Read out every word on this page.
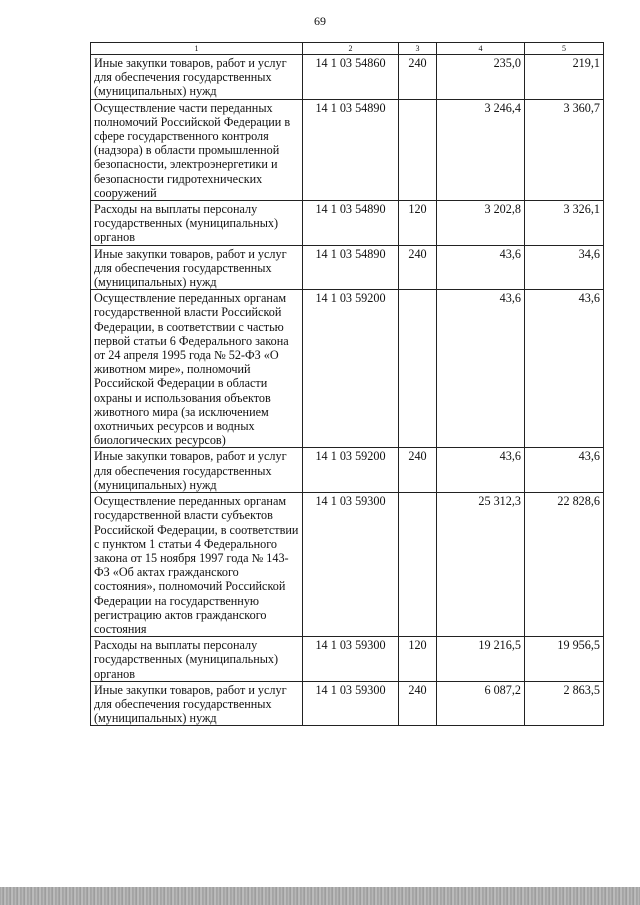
69
1	2	3	4	5
Иные закупки товаров, работ и услуг для обеспечения государственных (муниципальных) нужд	14 1 03 54860	240	235,0	219,1
Осуществление части переданных полномочий Российской Федерации в сфере государственного контроля (надзора) в области промышленной безопасности, электроэнергетики и безопасности гидротехнических сооружений	14 1 03 54890		3 246,4	3 360,7
Расходы на выплаты персоналу государственных (муниципальных) органов	14 1 03 54890	120	3 202,8	3 326,1
Иные закупки товаров, работ и услуг для обеспечения государственных (муниципальных) нужд	14 1 03 54890	240	43,6	34,6
Осуществление переданных органам государственной власти Российской Федерации, в соответствии с частью первой статьи 6 Федерального закона от 24 апреля 1995 года № 52-ФЗ «О животном мире», полномочий Российской Федерации в области охраны и использования объектов животного мира (за исключением охотничьих ресурсов и водных биологических ресурсов)	14 1 03 59200		43,6	43,6
Иные закупки товаров, работ и услуг для обеспечения государственных (муниципальных) нужд	14 1 03 59200	240	43,6	43,6
Осуществление переданных органам государственной власти субъектов Российской Федерации, в соответствии с пунктом 1 статьи 4 Федерального закона от 15 ноября 1997 года № 143-ФЗ «Об актах гражданского состояния», полномочий Российской Федерации на государственную регистрацию актов гражданского состояния	14 1 03 59300		25 312,3	22 828,6
Расходы на выплаты персоналу государственных (муниципальных) органов	14 1 03 59300	120	19 216,5	19 956,5
Иные закупки товаров, работ и услуг для обеспечения государственных (муниципальных) нужд	14 1 03 59300	240	6 087,2	2 863,5
